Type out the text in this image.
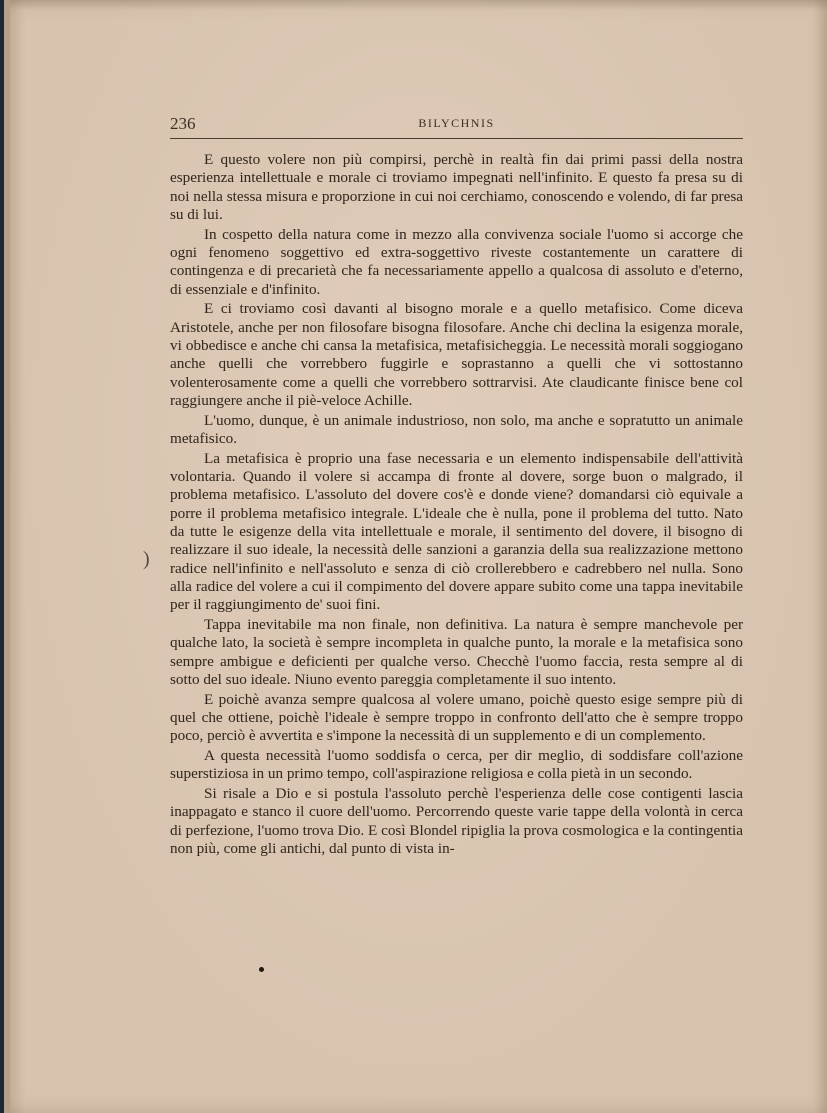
236	BILYCHNIS

E questo volere non più compirsi, perchè in realtà fin dai primi passi della nostra esperienza intellettuale e morale ci troviamo impegnati nell'infinito. E questo fa presa su di noi nella stessa misura e proporzione in cui noi cerchiamo, conoscendo e volendo, di far presa su di lui.

In cospetto della natura come in mezzo alla convivenza sociale l'uomo si accorge che ogni fenomeno soggettivo ed extra-soggettivo riveste costantemente un carattere di contingenza e di precarietà che fa necessariamente appello a qualcosa di assoluto e d'eterno, di essenziale e d'infinito.

E ci troviamo così davanti al bisogno morale e a quello metafisico. Come diceva Aristotele, anche per non filosofare bisogna filosofare. Anche chi declina la esigenza morale, vi obbedisce e anche chi cansa la metafisica, metafisicheggia. Le necessità morali soggiogano anche quelli che vorrebbero fuggirle e soprastanno a quelli che vi sottostanno volenterosamente come a quelli che vorrebbero sottrarvisi. Ate claudicante finisce bene col raggiungere anche il piè-veloce Achille.

L'uomo, dunque, è un animale industrioso, non solo, ma anche e sopratutto un animale metafisico.

La metafisica è proprio una fase necessaria e un elemento indispensabile dell'attività volontaria. Quando il volere si accampa di fronte al dovere, sorge buon o malgrado, il problema metafisico. L'assoluto del dovere cos'è e donde viene? domandarsi ciò equivale a porre il problema metafisico integrale. L'ideale che è nulla, pone il problema del tutto. Nato da tutte le esigenze della vita intellettuale e morale, il sentimento del dovere, il bisogno di realizzare il suo ideale, la necessità delle sanzioni a garanzia della sua realizzazione mettono radice nell'infinito e nell'assoluto e senza di ciò crollerebbero e cadrebbero nel nulla. Sono alla radice del volere a cui il compimento del dovere appare subito come una tappa inevitabile per il raggiungimento de' suoi fini.

Tappa inevitabile ma non finale, non definitiva. La natura è sempre manchevole per qualche lato, la società è sempre incompleta in qualche punto, la morale e la metafisica sono sempre ambigue e deficienti per qualche verso. Checchè l'uomo faccia, resta sempre al di sotto del suo ideale. Niuno evento pareggia completamente il suo intento.

E poichè avanza sempre qualcosa al volere umano, poichè questo esige sempre più di quel che ottiene, poichè l'ideale è sempre troppo in confronto dell'atto che è sempre troppo poco, perciò è avvertita e s'impone la necessità di un supplemento e di un complemento.

A questa necessità l'uomo soddisfa o cerca, per dir meglio, di soddisfare coll'azione superstiziosa in un primo tempo, coll'aspirazione religiosa e colla pietà in un secondo.

Si risale a Dio e si postula l'assoluto perchè l'esperienza delle cose contigenti lascia inappagato e stanco il cuore dell'uomo. Percorrendo queste varie tappe della volontà in cerca di perfezione, l'uomo trova Dio. E così Blondel ripiglia la prova cosmologica e la contingentia non più, come gli antichi, dal punto di vista in-

)
